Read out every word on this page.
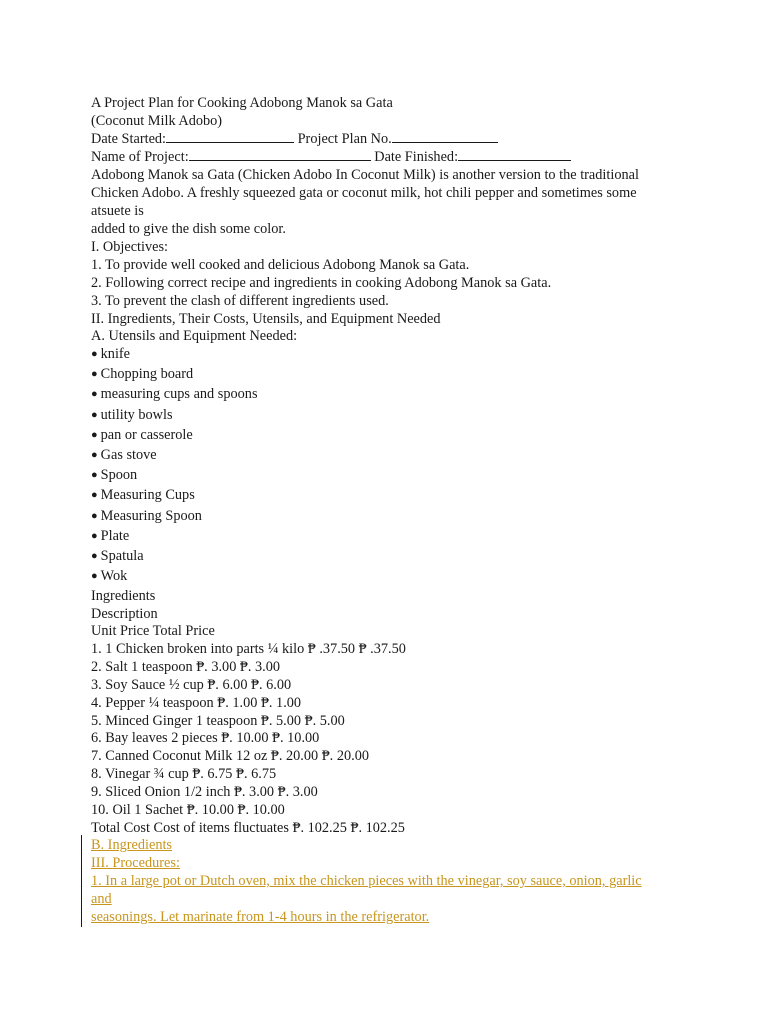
A Project Plan for Cooking Adobong Manok sa Gata
(Coconut Milk Adobo)
Date Started:	Project Plan No.
Name of Project:	Date Finished:
Adobong Manok sa Gata (Chicken Adobo In Coconut Milk) is another version to the traditional
Chicken Adobo. A freshly squeezed gata or coconut milk, hot chili pepper and sometimes some
atsuete is
added to give the dish some color.
I. Objectives:
1. To provide well cooked and delicious Adobong Manok sa Gata.
2. Following correct recipe and ingredients in cooking Adobong Manok sa Gata.
3. To prevent the clash of different ingredients used.
II. Ingredients, Their Costs, Utensils, and Equipment Needed
A. Utensils and Equipment Needed:
● knife
● Chopping board
● measuring cups and spoons
● utility bowls
● pan or casserole
● Gas stove
● Spoon
● Measuring Cups
● Measuring Spoon
● Plate
● Spatula
● Wok
Ingredients
Description
Unit Price Total Price
1. 1 Chicken broken into parts ¼ kilo ₱ .37.50 ₱ .37.50
2. Salt 1 teaspoon ₱. 3.00 ₱. 3.00
3. Soy Sauce ½ cup ₱. 6.00 ₱. 6.00
4. Pepper ¼ teaspoon ₱. 1.00 ₱. 1.00
5. Minced Ginger 1 teaspoon ₱. 5.00 ₱. 5.00
6. Bay leaves 2 pieces ₱. 10.00 ₱. 10.00
7. Canned Coconut Milk 12 oz ₱. 20.00 ₱. 20.00
8. Vinegar ¾ cup ₱. 6.75 ₱. 6.75
9. Sliced Onion 1/2 inch ₱. 3.00 ₱. 3.00
10. Oil 1 Sachet ₱. 10.00 ₱. 10.00
Total Cost Cost of items fluctuates ₱. 102.25 ₱. 102.25
B. Ingredients
III. Procedures:
1. In a large pot or Dutch oven, mix the chicken pieces with the vinegar, soy sauce, onion, garlic
and
seasonings. Let marinate from 1-4 hours in the refrigerator.
